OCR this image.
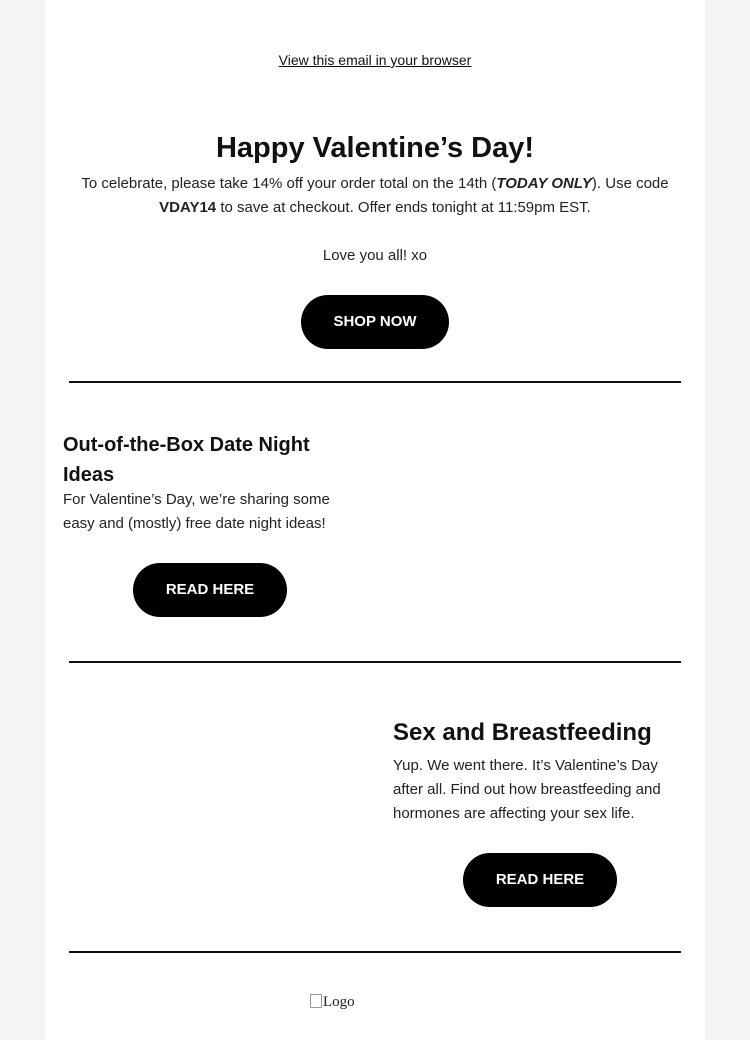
View this email in your browser
Happy Valentine’s Day!

To celebrate, please take 14% off your order total on the 14th (TODAY ONLY). Use code VDAY14 to save at checkout. Offer ends tonight at 11:59pm EST.

Love you all! xo

SHOP NOW
Out-of-the-Box Date Night Ideas

For Valentine’s Day, we’re sharing some easy and (mostly) free date night ideas!

READ HERE
Sex and Breastfeeding

Yup. We went there. It’s Valentine’s Day after all. Find out how breastfeeding and hormones are affecting your sex life.

READ HERE
Logo
